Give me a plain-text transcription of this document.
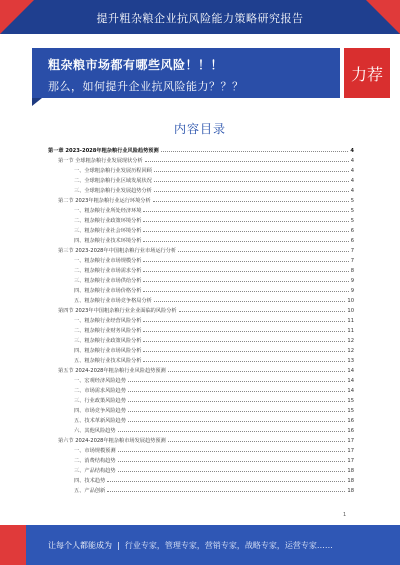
提升粗杂粮企业抗风险能力策略研究报告
粗杂粮市场都有哪些风险！！！
那么，如何提升企业抗风险能力？？？
力荐
内容目录
第一章 2023-2028年粗杂粮行业风险趋势预测	4
第一节 全球粗杂粮行业发展现状分析	4
一、全球粗杂粮行业发展历程回顾	4
二、全球粗杂粮行业区域发展状况	4
三、全球粗杂粮行业发展趋势分析	4
第二节 2023年粗杂粮行业运行环境分析	5
一、粗杂粮行业所处经济环境	5
二、粗杂粮行业政策环境分析	5
三、粗杂粮行业社会环境分析	6
四、粗杂粮行业技术环境分析	6
第三节 2023-2028年中国粗杂粮行业市场运行分析	7
一、粗杂粮行业市场规模分析	7
二、粗杂粮行业市场需求分析	8
三、粗杂粮行业市场供给分析	9
四、粗杂粮行业市场价格分析	9
五、粗杂粮行业市场竞争格局分析	10
第四节 2023年中国粗杂粮行业企业面临的风险分析	10
一、粗杂粮行业经营风险分析	11
二、粗杂粮行业财务风险分析	11
三、粗杂粮行业政策风险分析	12
四、粗杂粮行业市场风险分析	12
五、粗杂粮行业技术风险分析	13
第五节 2024-2028年粗杂粮行业风险趋势预测	14
一、宏观经济风险趋势	14
二、市场需求风险趋势	14
三、行业政策风险趋势	15
四、市场竞争风险趋势	15
五、技术革新风险趋势	16
六、其他风险趋势	16
第六节 2024-2028年粗杂粮市场发展趋势预测	17
一、市场规模预测	17
二、消费结构趋势	17
三、产品结构趋势	18
四、技术趋势	18
五、产品创新	18
1
让每个人都能成为  |  行业专家，管理专家，营销专家，战略专家，运营专家……
